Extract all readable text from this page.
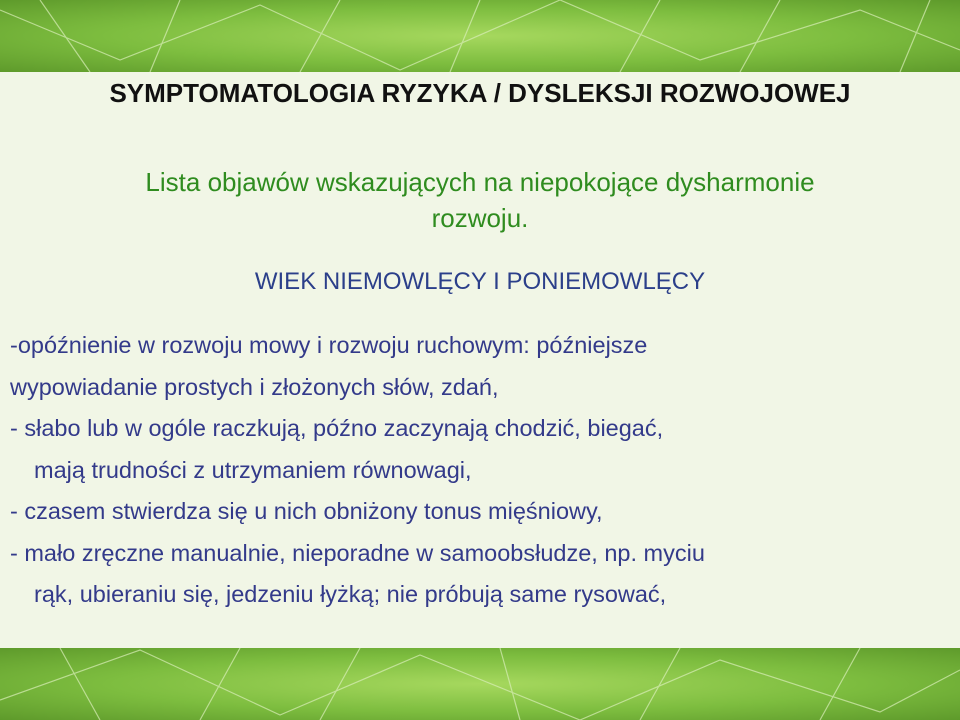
SYMPTOMATOLOGIA RYZYKA / DYSLEKSJI ROZWOJOWEJ
Lista objawów wskazujących na niepokojące dysharmonie
rozwoju.
WIEK NIEMOWLĘCY I PONIEMOWLĘCY
-opóźnienie w rozwoju mowy i rozwoju ruchowym: późniejsze
wypowiadanie prostych i złożonych słów, zdań,
- słabo lub w ogóle raczkują, późno zaczynają chodzić, biegać,
mają trudności z utrzymaniem równowagi,
- czasem stwierdza się u nich obniżony tonus mięśniowy,
- mało zręczne manualnie, nieporadne w samoobsłudze, np. myciu
rąk, ubieraniu się, jedzeniu łyżką; nie próbują same rysować,
